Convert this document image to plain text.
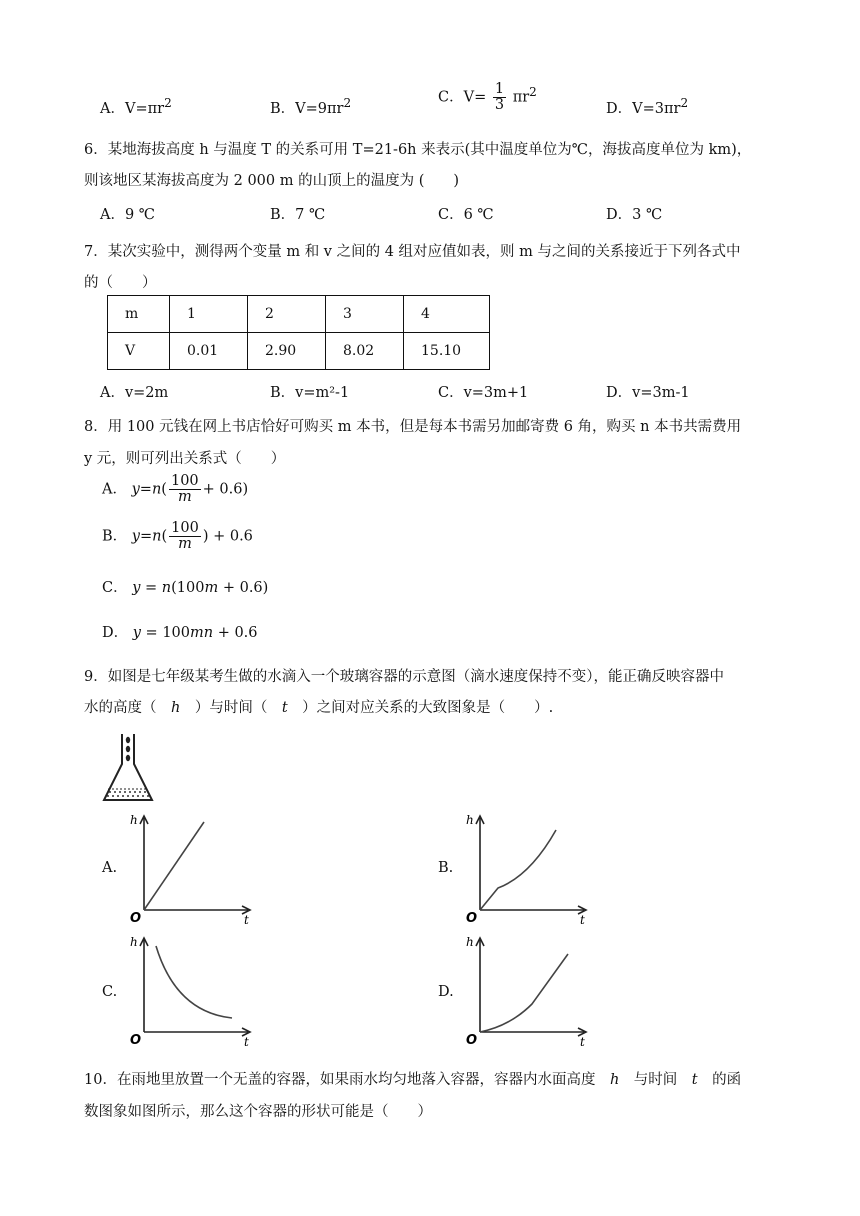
A．$V=\pi r^2$	B．$V=9\pi r^2$	C．$V= \frac{1}{3} \pi r^2$
D．$V=3\pi r^2$
6．某地海拔高度 h 与温度 T 的关系可用 T=21-6h 来表示(其中温度单位为℃，海拔高度单位为 km)，
则该地区某海拔高度为 2 000 m 的山顶上的温度为 (　　)
A．9 ℃	B．7 ℃	C．6 ℃	D．3 ℃
7．某次实验中，测得两个变量 m 和 v 之间的 4 组对应值如表，则 m 与之间的关系接近于下列各式中
的（　　）
m	1	2	3	4
V	0.01	2.90	8.02	15.10
A．v=2m	B．v=m²-1	C．v=3m+1	D．v=3m-1
8．用 100 元钱在网上书店恰好可购买 m 本书，但是每本书需另加邮寄费 6 角，购买 n 本书共需费用
y 元，则可列出关系式（　　）
A． $y=n( \frac{100}{m} + 0.6)$
B． $y=n( \frac{100}{m}$ ) + 0.6
C． y = n(100m + 0.6)
D． y = 100mn + 0.6
9．如图是七年级某考生做的水滴入一个玻璃容器的示意图（滴水速度保持不变），能正确反映容器中
水的高度（　h　）与时间（　t　）之间对应关系的大致图象是（　　）.
A.
h
t
O
B.
h
t
O
C.
h
t
O
D.
h
t
O
10．在雨地里放置一个无盖的容器，如果雨水均匀地落入容器，容器内水面高度　h　与时间　t　的函
数图象如图所示，那么这个容器的形状可能是（　　）
